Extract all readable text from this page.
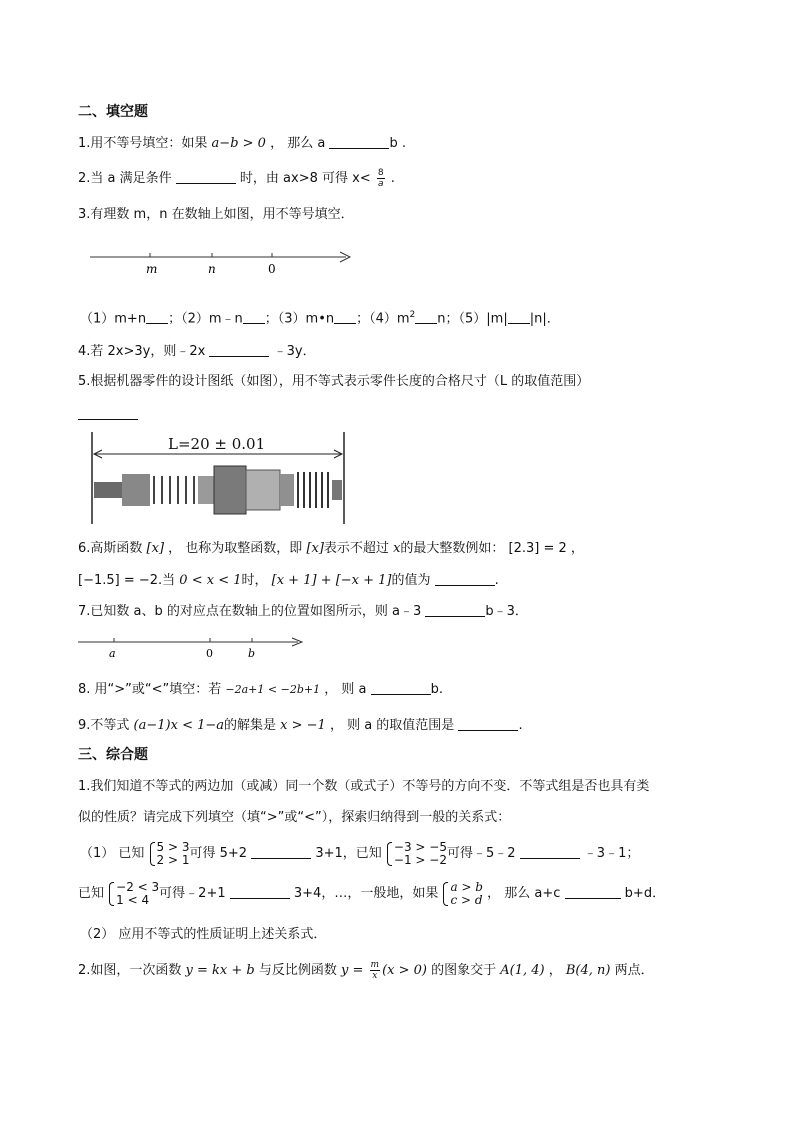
二、填空题
1.用不等号填空：如果 a−b > 0 ， 那么 a	b .
2.当 a 满足条件	时，由 ax>8 可得 $x< \frac{8}{a}$ .
3.有理数 m，n 在数轴上如图，用不等号填空．
m	n	0
（1）m+n ；（2）m﹣n ；（3）m•n ；$(4)m^2$ n；（5）|m| |n|．
4.若 2x>3y，则﹣2x	﹣3y．
5.根据机器零件的设计图纸（如图），用不等式表示零件长度的合格尺寸（L 的取值范围）
L=20 ± 0.01
6.高斯函数 [x] ， 也称为取整函数，即 [x]表示不超过 x的最大整数例如： [2.3] = 2 ，
[−1.5] = −2.当 0 < x < 1时， [x + 1] + [−x + 1]的值为	.
7.已知数 a、b 的对应点在数轴上的位置如图所示，则 a﹣3	b﹣3．
a	0	b
8. 用“>”或“<”填空：若 −2a+1 < −2b+1 ， 则 a	b.
9.不等式 (a−1)x < 1−a的解集是 x > −1 ， 则 a 的取值范围是	.
三、综合题
1.我们知道不等式的两边加（或减）同一个数（或式子）不等号的方向不变．不等式组是否也具有类
似的性质？请完成下列填空（填“>”或“<”），探索归纳得到一般的关系式：
（1） 已知 5 > 3
2 > 1 可得 5+2	3+1，已知 −3 > −5
−1 > −2 可得﹣5﹣2	﹣3﹣1；
已知 −2 < 3
1 < 4 可得﹣2+1	3+4，…，一般地，如果 a > b
c > d ， 那么 a+c	b+d．
（2） 应用不等式的性质证明上述关系式．
2.如图，一次函数 y = kx + b 与反比例函数 $y = \frac{m}{x} (x > 0)$ 的图象交于 A(1, 4) ， B(4, n) 两点．
